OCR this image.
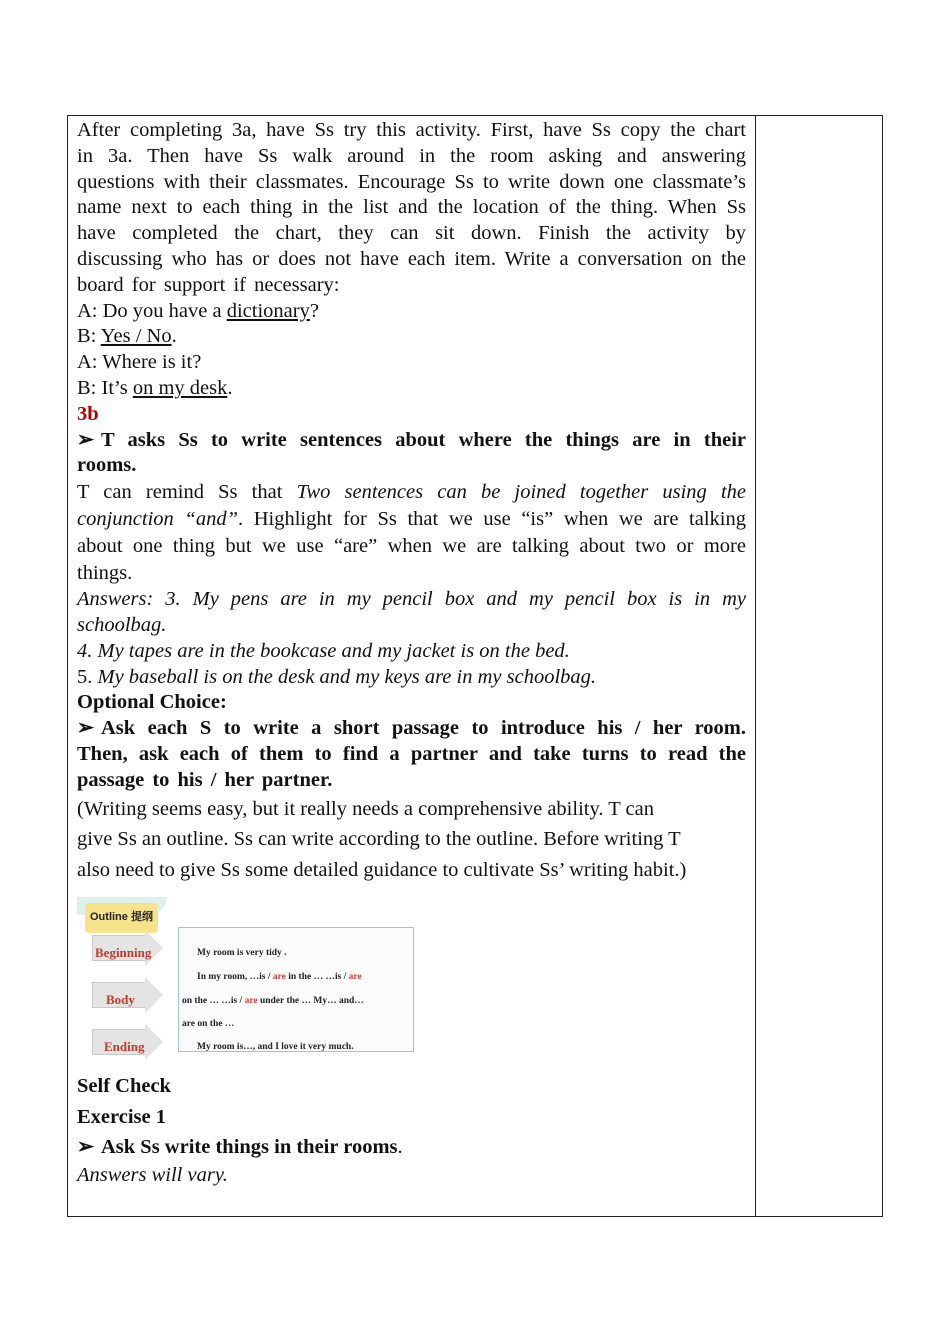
After completing 3a, have Ss try this activity. First, have Ss copy the chart in 3a. Then have Ss walk around in the room asking and answering questions with their classmates. Encourage Ss to write down one classmate’s name next to each thing in the list and the location of the thing. When Ss have completed the chart, they can sit down. Finish the activity by discussing who has or does not have each item. Write a conversation on the board for support if necessary:

A: Do you have a dictionary?

B: Yes / No.

A: Where is it?

B: It’s on my desk.

3b

➢ T asks Ss to write sentences about where the things are in their rooms.

T can remind Ss that Two sentences can be joined together using the conjunction “and”. Highlight for Ss that we use “is” when we are talking about one thing but we use “are” when we are talking about two or more things.

Answers: 3. My pens are in my pencil box and my pencil box is in my schoolbag.

4. My tapes are in the bookcase and my jacket is on the bed.

5. My baseball is on the desk and my keys are in my schoolbag.

Optional Choice:

➢ Ask each S to write a short passage to introduce his / her room. Then, ask each of them to find a partner and take turns to read the passage to his / her partner.

(Writing seems easy, but it really needs a comprehensive ability. T can

give Ss an outline. Ss can write according to the outline. Before writing T

also need to give Ss some detailed guidance to cultivate Ss’ writing habit.)

Outline 提纲
Beginning
Body
Ending
My room is very tidy .
In my room, …is / are in the … …is / are
on the … …is / are under the … My… and…
are on the …
My room is…, and I love it very much.

Self Check

Exercise 1

➢ Ask Ss write things in their rooms.

Answers will vary.
